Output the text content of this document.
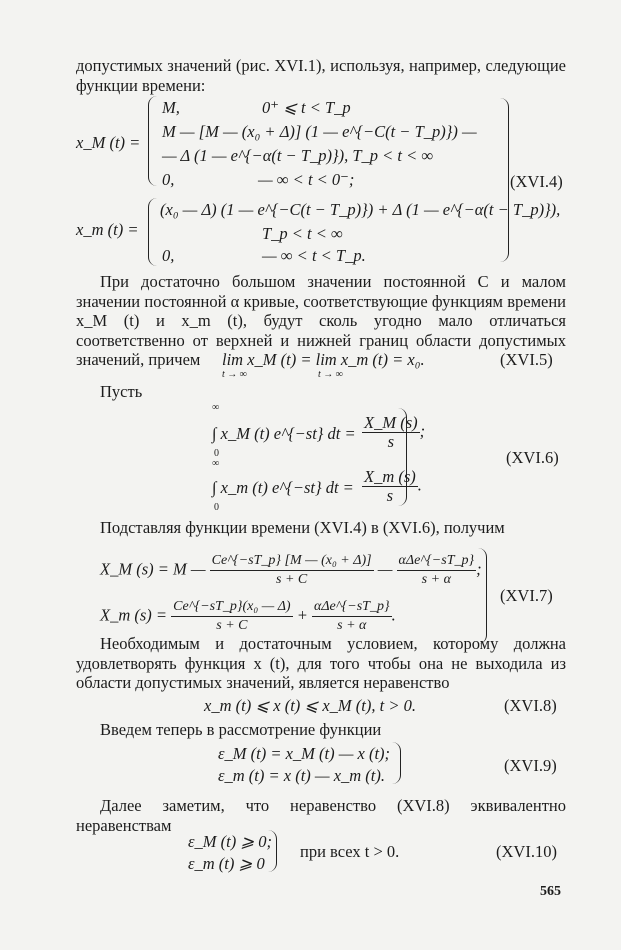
допустимых значений (рис. XVI.1), используя, например, следующие функции времени:
x_M (t) =
M,	0⁺ ⩽ t < T_p
M — [M — (x₀ + Δ)] (1 — e^{−C(t − T_p)}) —
— Δ (1 — e^{−α(t − T_p)}), T_p < t < ∞
0,	— ∞ < t < 0⁻;
x_m (t) =
(x₀ — Δ) (1 — e^{−C(t − T_p)}) + Δ (1 — e^{−α(t − T_p)}),
T_p < t < ∞
0,	— ∞ < t < T_p.
(XVI.4)
При достаточно большом значении постоянной C и малом значении постоянной α кривые, соответствующие функциям времени x_M (t) и x_m (t), будут сколь угодно мало отличаться соответственно от верхней и нижней границ области допустимых значений, причем	lim x_M (t) = lim x_m (t) = x₀.
t → ∞	t → ∞
(XVI.5)
Пусть
∞
∫ x_M (t) e^{−st} dt =
0
$\frac{X\_M (s)}{s}$ ;
∞
∫ x_m (t) e^{−st} dt =
0
$\frac{X\_m (s)}{s}$ .
(XVI.6)
Подставляя функции времени (XVI.4) в (XVI.6), получим
X_M (s) = M — $\frac{\text{Ce\textasciicircum{}\{−sT\_p\} [M — (x₀ + Δ)]}}{s + C}$ — $\frac{\text{αΔe\textasciicircum{}\{−sT\_p\}}}{s + \alpha}$ ;
X_m $(s) = \frac{\text{Ce\textasciicircum{}\{−sT\_p\}(x₀ — Δ)}}{s + C} + \frac{\text{αΔe\textasciicircum{}\{−sT\_p\}}}{s + \alpha}$ .
(XVI.7)
Необходимым и достаточным условием, которому должна удовлетворять функция x (t), для того чтобы она не выходила из области допустимых значений, является неравенство
x_m (t) ⩽ x (t) ⩽ x_M (t), t > 0.	(XVI.8)
Введем теперь в рассмотрение функции
ε_M (t) = x_M (t) — x (t);
ε_m (t) = x (t) — x_m (t).
(XVI.9)
Далее заметим, что неравенство (XVI.8) эквивалентно неравенствам
ε_M (t) ⩾ 0;
ε_m (t) ⩾ 0
при всех t > 0.	(XVI.10)
565
